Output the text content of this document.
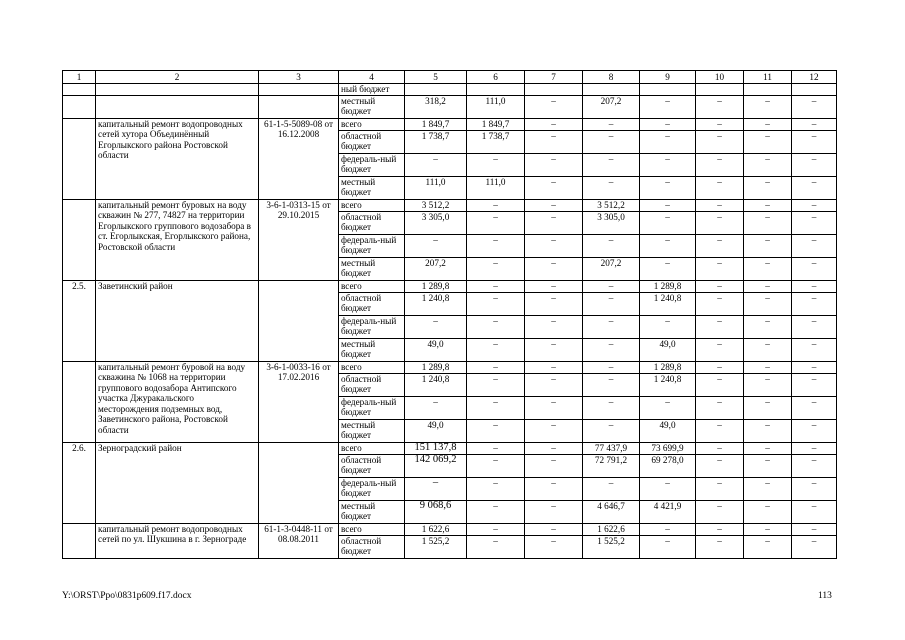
1	2	3	4	5	6	7	8	9	10	11	12
			ный бюджет								
			местный бюджет	318,2	111,0	–	207,2	–	–	–	–
	капитальный ремонт водопроводных сетей хутора Объединённый Егорлыкского района Ростовской области	61-1-5-5089-08 от 16.12.2008	всего	1 849,7	1 849,7	–	–	–	–	–	–
			областной бюджет	1 738,7	1 738,7	–	–	–	–	–	–
			федераль-ный бюджет	–	–	–	–	–	–	–	–
			местный бюджет	111,0	111,0	–	–	–	–	–	–
	капитальный ремонт буровых на воду скважин № 277, 74827 на территории Егорлыкского группового водозабора в ст. Егорлыкская, Егорлыкского района, Ростовской области	3-6-1-0313-15 от 29.10.2015	всего	3 512,2	–	–	3 512,2	–	–	–	–
			областной бюджет	3 305,0	–	–	3 305,0	–	–	–	–
			федераль-ный бюджет	–	–	–	–	–	–	–	–
			местный бюджет	207,2	–	–	207,2	–	–	–	–
2.5.	Заветинский район		всего	1 289,8	–	–	–	1 289,8	–	–	–
			областной бюджет	1 240,8	–	–	–	1 240,8	–	–	–
			федераль-ный бюджет	–	–	–	–	–	–	–	–
			местный бюджет	49,0	–	–	–	49,0	–	–	–
	капитальный ремонт буровой на воду скважина № 1068 на территории группового водозабора Антипского участка Джуракальского месторождения подземных вод, Заветинского района, Ростовской области	3-6-1-0033-16 от 17.02.2016	всего	1 289,8	–	–	–	1 289,8	–	–	–
			областной бюджет	1 240,8	–	–	–	1 240,8	–	–	–
			федераль-ный бюджет	–	–	–	–	–	–	–	–
			местный бюджет	49,0	–	–	–	49,0	–	–	–
2.6.	Зерноградский район		всего	151 137,8	–	–	77 437,9	73 699,9	–	–	–
			областной бюджет	142 069,2	–	–	72 791,2	69 278,0	–	–	–
			федераль-ный бюджет	–	–	–	–	–	–	–	–
			местный бюджет	9 068,6	–	–	4 646,7	4 421,9	–	–	–
	капитальный ремонт водопроводных сетей по ул. Шукшина в г. Зернограде	61-1-3-0448-11 от 08.08.2011	всего	1 622,6	–	–	1 622,6	–	–	–	–
			областной бюджет	1 525,2	–	–	1 525,2	–	–	–	–
Y:\ORST\Ppo\0831p609.f17.docx	113
